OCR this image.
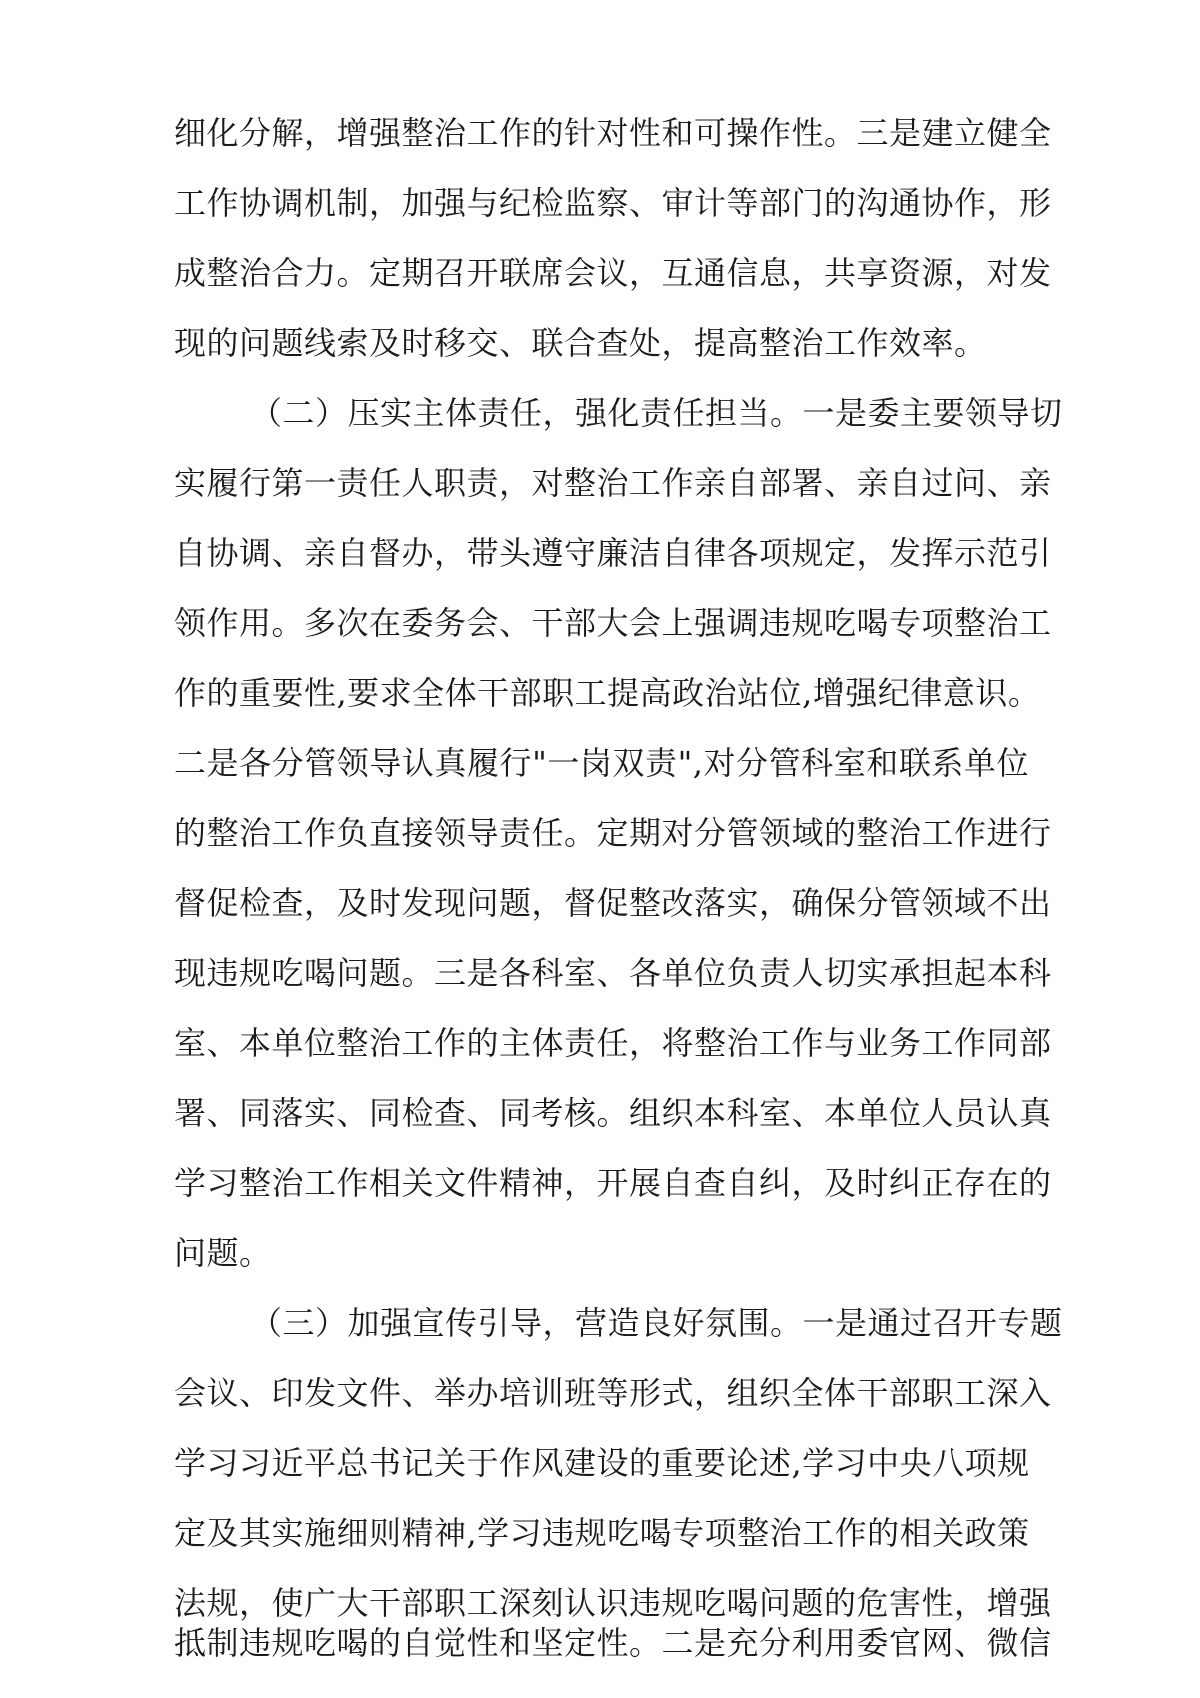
细化分解，增强整治工作的针对性和可操作性。三是建立健全
工作协调机制，加强与纪检监察、审计等部门的沟通协作，形
成整治合力。定期召开联席会议，互通信息，共享资源，对发
现的问题线索及时移交、联合查处，提高整治工作效率。
（二）压实主体责任，强化责任担当。一是委主要领导切
实履行第一责任人职责，对整治工作亲自部署、亲自过问、亲
自协调、亲自督办，带头遵守廉洁自律各项规定，发挥示范引
领作用。多次在委务会、干部大会上强调违规吃喝专项整治工
作的重要性,要求全体干部职工提高政治站位,增强纪律意识。
二是各分管领导认真履行"一岗双责",对分管科室和联系单位
的整治工作负直接领导责任。定期对分管领域的整治工作进行
督促检查，及时发现问题，督促整改落实，确保分管领域不出
现违规吃喝问题。三是各科室、各单位负责人切实承担起本科
室、本单位整治工作的主体责任，将整治工作与业务工作同部
署、同落实、同检查、同考核。组织本科室、本单位人员认真
学习整治工作相关文件精神，开展自查自纠，及时纠正存在的
问题。
（三）加强宣传引导，营造良好氛围。一是通过召开专题
会议、印发文件、举办培训班等形式，组织全体干部职工深入
学习习近平总书记关于作风建设的重要论述,学习中央八项规
定及其实施细则精神,学习违规吃喝专项整治工作的相关政策
法规，使广大干部职工深刻认识违规吃喝问题的危害性，增强
抵制违规吃喝的自觉性和坚定性。二是充分利用委官网、微信
